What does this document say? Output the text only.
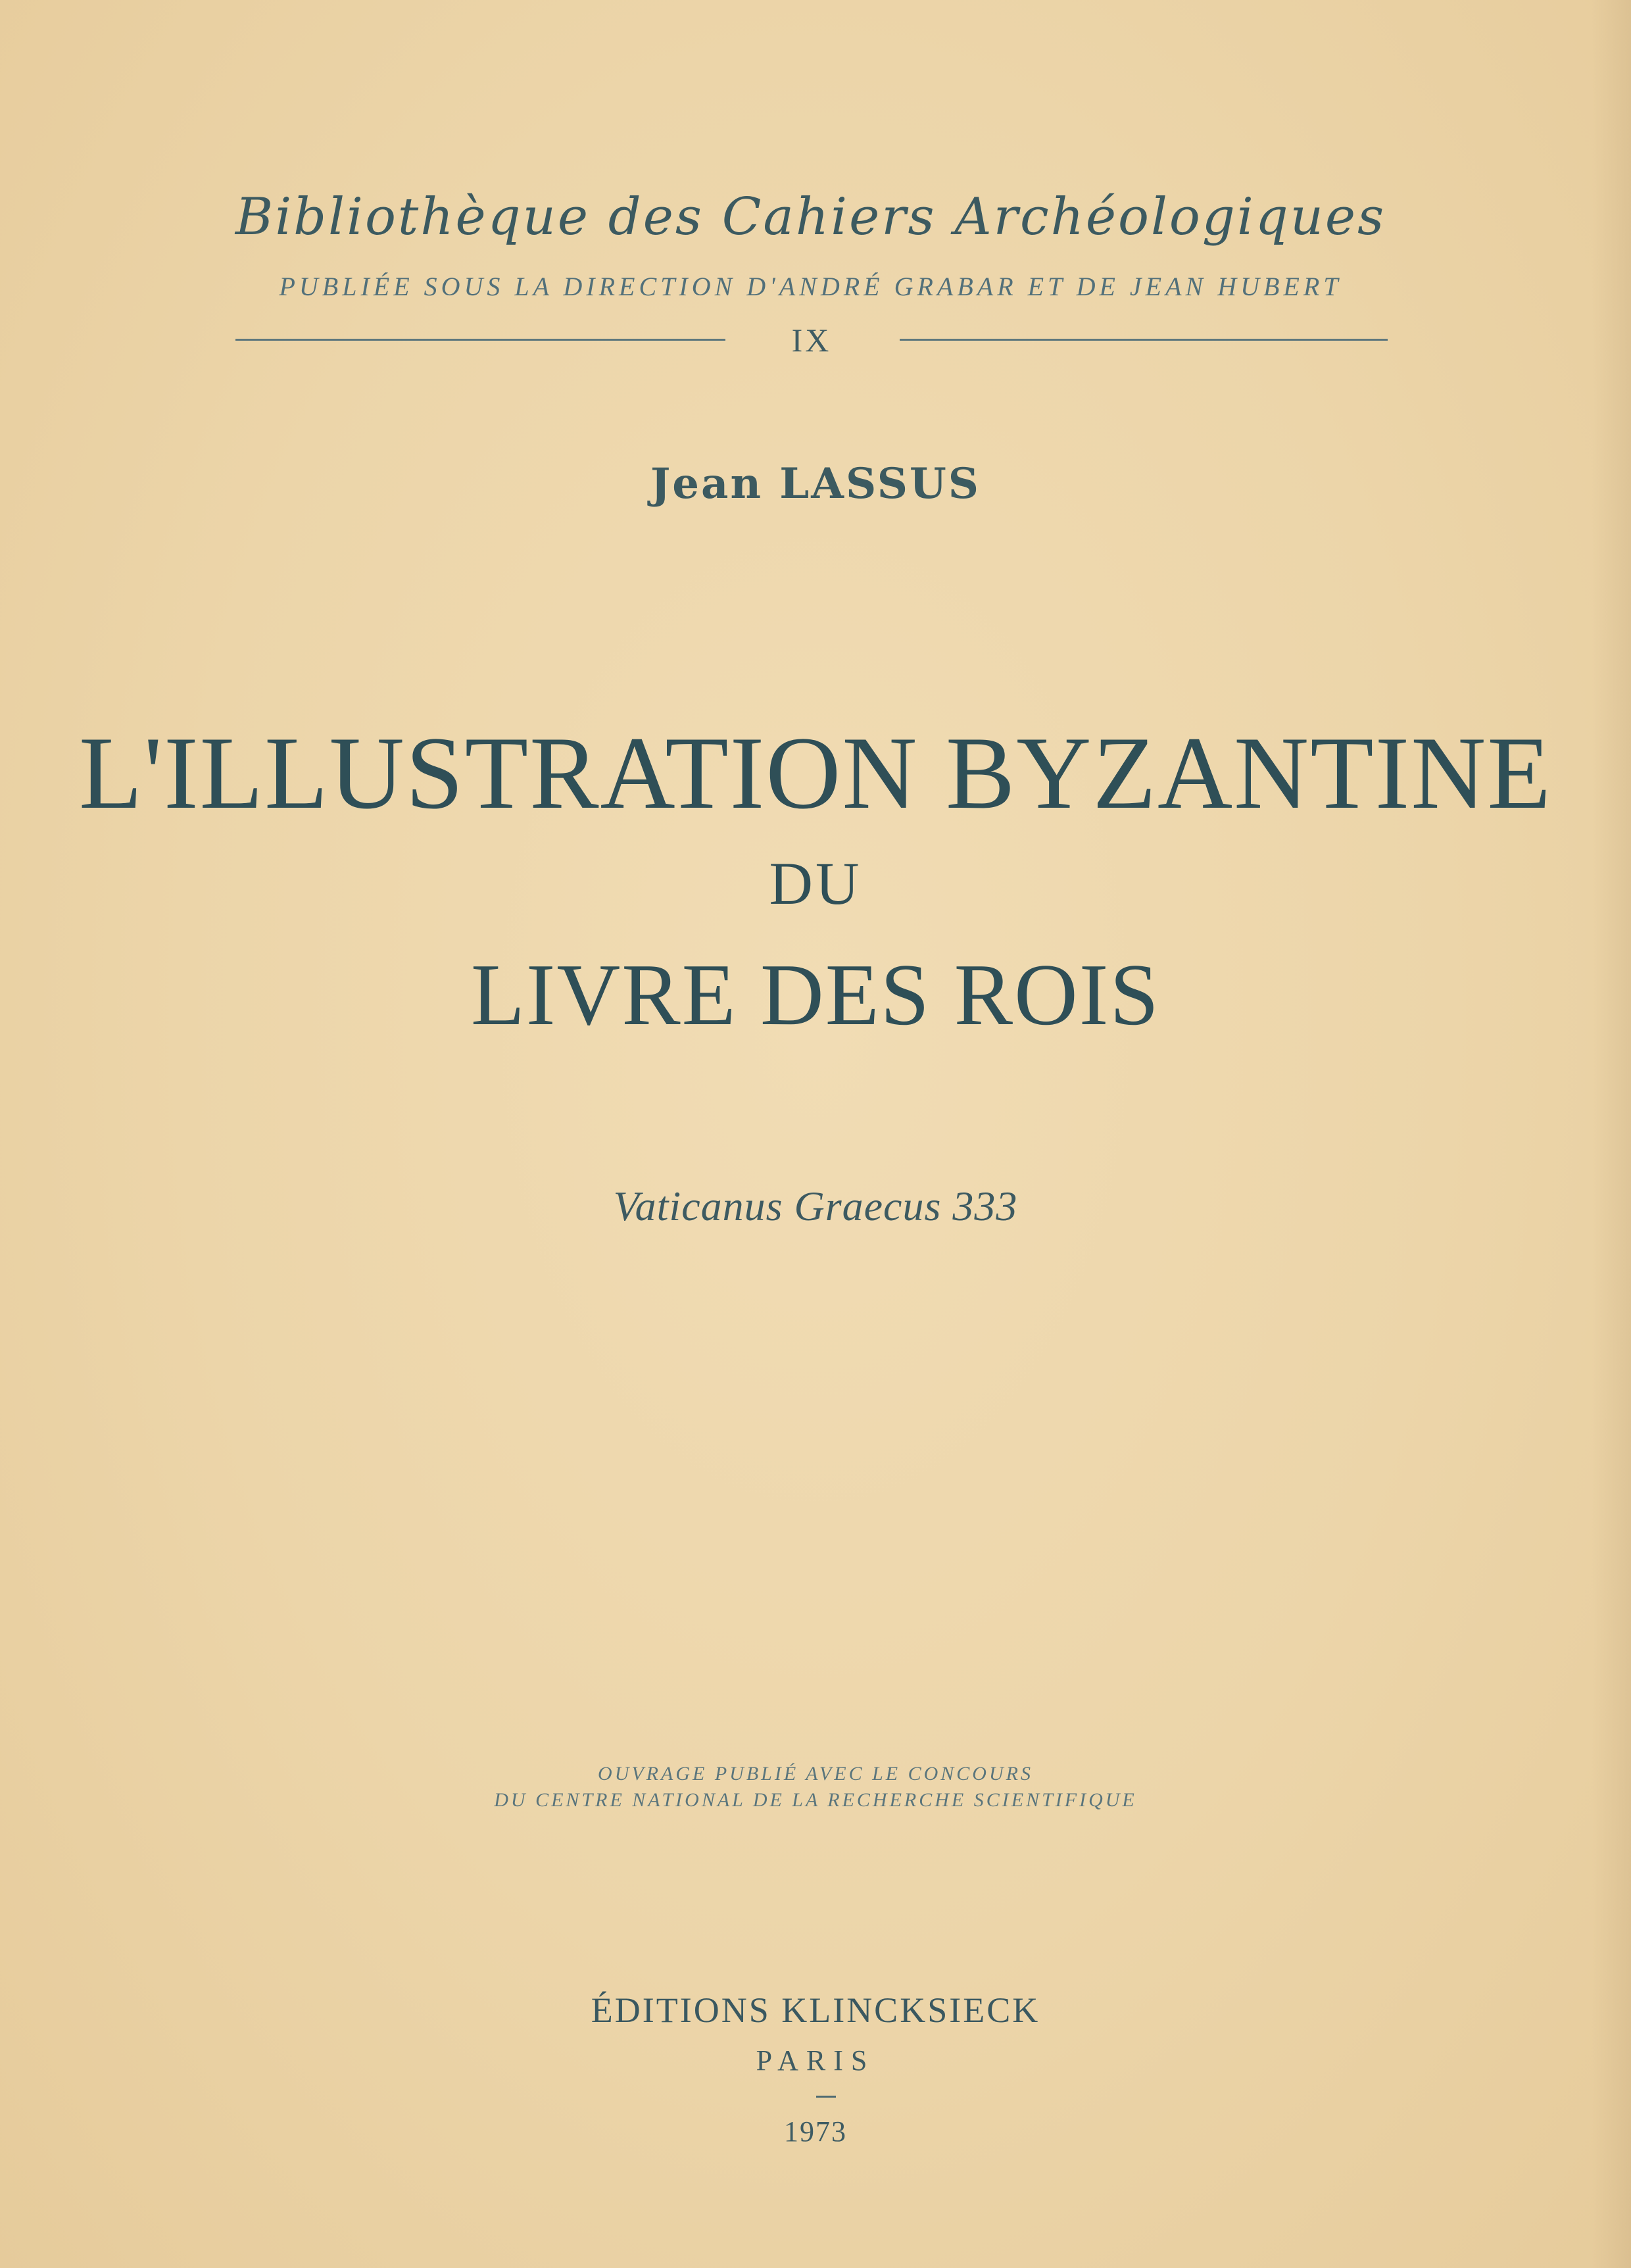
Bibliothèque des Cahiers Archéologiques
PUBLIÉE SOUS LA DIRECTION D'ANDRÉ GRABAR ET DE JEAN HUBERT
IX
Jean LASSUS
L'ILLUSTRATION BYZANTINE
DU
LIVRE DES ROIS
Vaticanus Graecus 333
OUVRAGE PUBLIÉ AVEC LE CONCOURS
DU CENTRE NATIONAL DE LA RECHERCHE SCIENTIFIQUE
ÉDITIONS KLINCKSIECK
PARIS
1973
